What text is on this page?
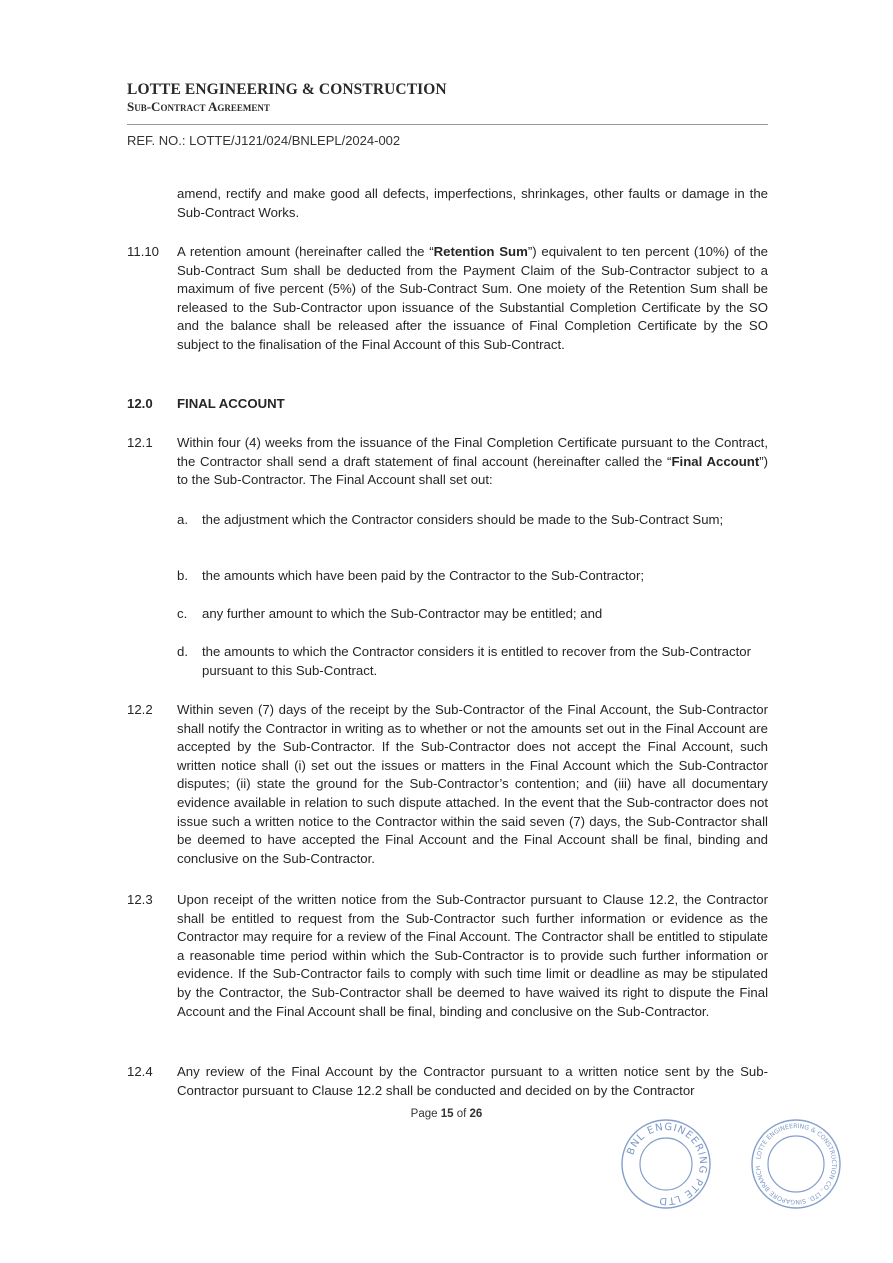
LOTTE ENGINEERING & CONSTRUCTION
Sub-Contract Agreement
REF. NO.: LOTTE/J121/024/BNLEPL/2024-002
amend, rectify and make good all defects, imperfections, shrinkages, other faults or damage in the Sub-Contract Works.
11.10 A retention amount (hereinafter called the “Retention Sum”) equivalent to ten percent (10%) of the Sub-Contract Sum shall be deducted from the Payment Claim of the Sub-Contractor subject to a maximum of five percent (5%) of the Sub-Contract Sum. One moiety of the Retention Sum shall be released to the Sub-Contractor upon issuance of the Substantial Completion Certificate by the SO and the balance shall be released after the issuance of Final Completion Certificate by the SO subject to the finalisation of the Final Account of this Sub-Contract.
12.0 FINAL ACCOUNT
12.1 Within four (4) weeks from the issuance of the Final Completion Certificate pursuant to the Contract, the Contractor shall send a draft statement of final account (hereinafter called the “Final Account”) to the Sub-Contractor. The Final Account shall set out:
a. the adjustment which the Contractor considers should be made to the Sub-Contract Sum;
b. the amounts which have been paid by the Contractor to the Sub-Contractor;
c. any further amount to which the Sub-Contractor may be entitled; and
d. the amounts to which the Contractor considers it is entitled to recover from the Sub-Contractor pursuant to this Sub-Contract.
12.2 Within seven (7) days of the receipt by the Sub-Contractor of the Final Account, the Sub-Contractor shall notify the Contractor in writing as to whether or not the amounts set out in the Final Account are accepted by the Sub-Contractor. If the Sub-Contractor does not accept the Final Account, such written notice shall (i) set out the issues or matters in the Final Account which the Sub-Contractor disputes; (ii) state the ground for the Sub-Contractor’s contention; and (iii) have all documentary evidence available in relation to such dispute attached. In the event that the Sub-contractor does not issue such a written notice to the Contractor within the said seven (7) days, the Sub-Contractor shall be deemed to have accepted the Final Account and the Final Account shall be final, binding and conclusive on the Sub-Contractor.
12.3 Upon receipt of the written notice from the Sub-Contractor pursuant to Clause 12.2, the Contractor shall be entitled to request from the Sub-Contractor such further information or evidence as the Contractor may require for a review of the Final Account. The Contractor shall be entitled to stipulate a reasonable time period within which the Sub-Contractor is to provide such further information or evidence. If the Sub-Contractor fails to comply with such time limit or deadline as may be stipulated by the Contractor, the Sub-Contractor shall be deemed to have waived its right to dispute the Final Account and the Final Account shall be final, binding and conclusive on the Sub-Contractor.
12.4 Any review of the Final Account by the Contractor pursuant to a written notice sent by the Sub-Contractor pursuant to Clause 12.2 shall be conducted and decided on by the Contractor
Page 15 of 26
BNL ENGINEERING PTE LTD
LOTTE ENGINEERING & CONSTRUCTION CO., LTD. SINGAPORE BRANCH
